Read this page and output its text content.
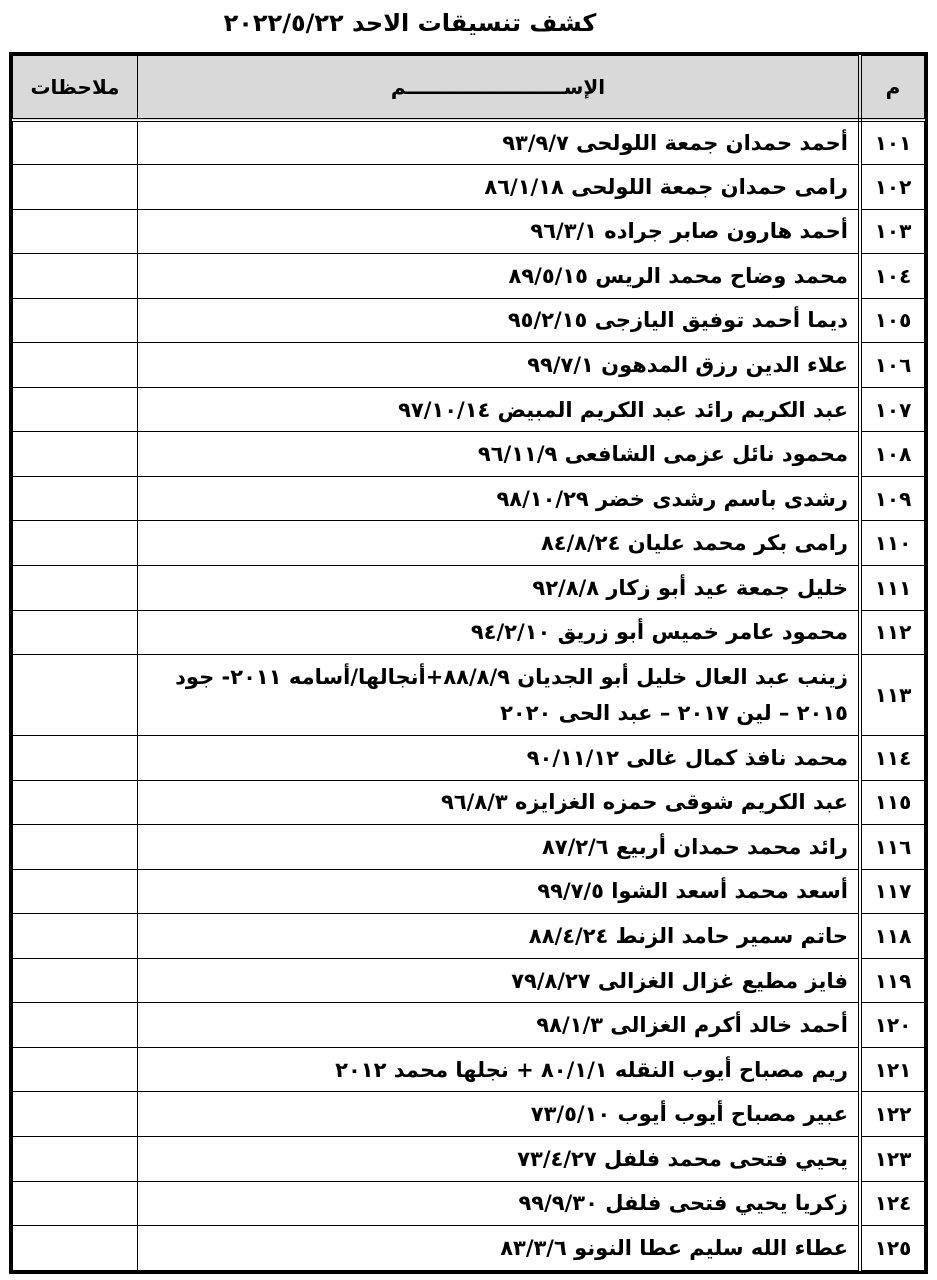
كشف تنسيقات الاحد ٢٠٢٢/٥/٢٢
م	الإســـــــــــــــــــــــم	ملاحظات
١٠١	أحمد حمدان جمعة اللولحى ٩٣/٩/٧	
١٠٢	رامى حمدان جمعة اللولحى ٨٦/١/١٨	
١٠٣	أحمد هارون صابر جراده ٩٦/٣/١	
١٠٤	محمد وضاح محمد الريس ٨٩/٥/١٥	
١٠٥	ديما أحمد توفيق اليازجى ٩٥/٢/١٥	
١٠٦	علاء الدين رزق المدهون ٩٩/٧/١	
١٠٧	عبد الكريم رائد عبد الكريم المبيض ٩٧/١٠/١٤	
١٠٨	محمود نائل عزمى الشافعى ٩٦/١١/٩	
١٠٩	رشدى باسم رشدى خضر ٩٨/١٠/٢٩	
١١٠	رامى بكر محمد عليان ٨٤/٨/٢٤	
١١١	خليل جمعة عيد أبو زكار ٩٢/٨/٨	
١١٢	محمود عامر خميس أبو زريق ٩٤/٢/١٠	
١١٣	زينب عبد العال خليل أبو الجديان ٨٨/٨/٩+أنجالها/أسامه ٢٠١١- جود ٢٠١٥ – لين ٢٠١٧ – عبد الحى ٢٠٢٠	
١١٤	محمد نافذ كمال غالى ٩٠/١١/١٢	
١١٥	عبد الكريم شوقى حمزه الغزايزه ٩٦/٨/٣	
١١٦	رائد محمد حمدان أربيع ٨٧/٢/٦	
١١٧	أسعد محمد أسعد الشوا ٩٩/٧/٥	
١١٨	حاتم سمير حامد الزنط ٨٨/٤/٢٤	
١١٩	فايز مطيع غزال الغزالى ٧٩/٨/٢٧	
١٢٠	أحمد خالد أكرم الغزالى ٩٨/١/٣	
١٢١	ريم مصباح أيوب النقله ٨٠/١/١ + نجلها محمد ٢٠١٢	
١٢٢	عبير مصباح أيوب أيوب ٧٣/٥/١٠	
١٢٣	يحيي فتحى محمد فلفل ٧٣/٤/٢٧	
١٢٤	زكريا يحيي فتحى فلفل ٩٩/٩/٣٠	
١٢٥	عطاء الله سليم عطا النونو ٨٣/٣/٦	
